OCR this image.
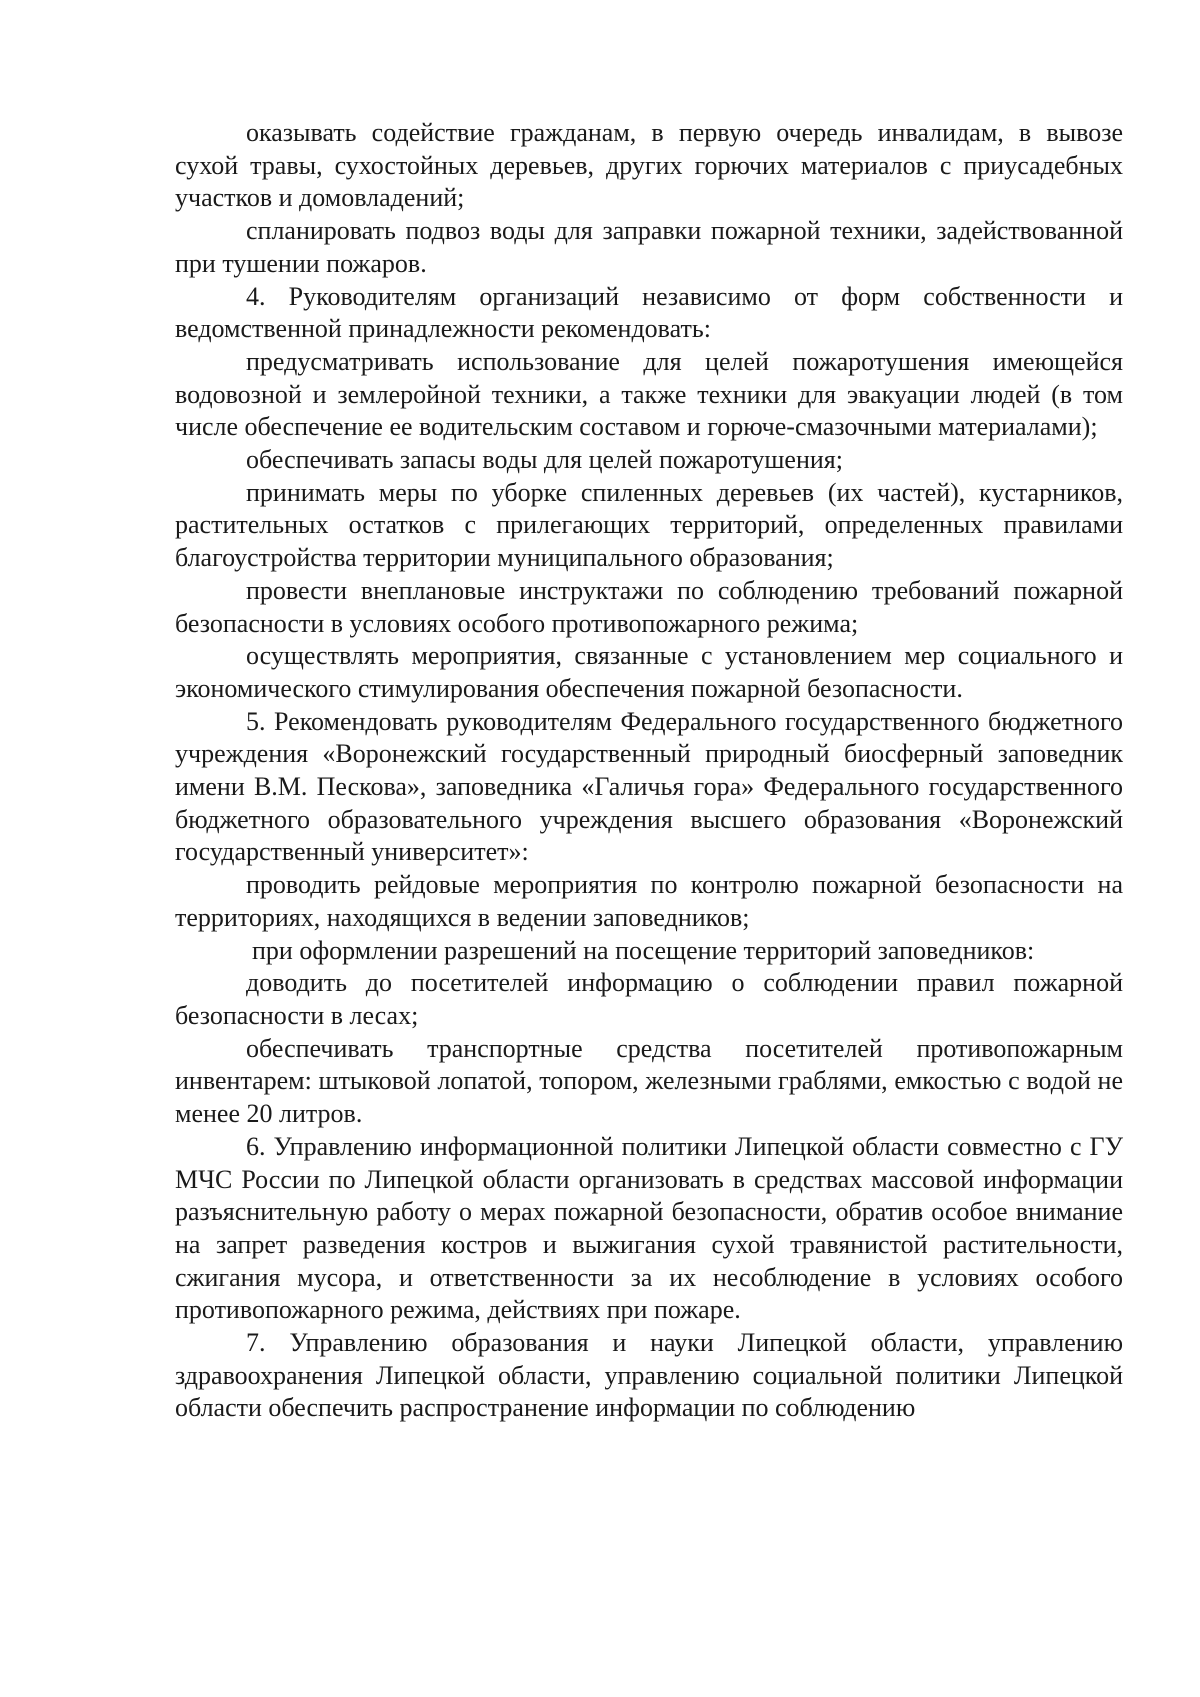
оказывать содействие гражданам, в первую очередь инвалидам, в вывозе сухой травы, сухостойных деревьев, других горючих материалов с приусадебных участков и домовладений;

спланировать подвоз воды для заправки пожарной техники, задействованной при тушении пожаров.

4. Руководителям организаций независимо от форм собственности и ведомственной принадлежности рекомендовать:

предусматривать использование для целей пожаротушения имеющейся водовозной и землеройной техники, а также техники для эвакуации людей (в том числе обеспечение ее водительским составом и горюче-смазочными материалами);

обеспечивать запасы воды для целей пожаротушения;

принимать меры по уборке спиленных деревьев (их частей), кустарников, растительных остатков с прилегающих территорий, определенных правилами благоустройства территории муниципального образования;

провести внеплановые инструктажи по соблюдению требований пожарной безопасности в условиях особого противопожарного режима;

осуществлять мероприятия, связанные с установлением мер социального и экономического стимулирования обеспечения пожарной безопасности.

5. Рекомендовать руководителям Федерального государственного бюджетного учреждения «Воронежский государственный природный биосферный заповедник имени В.М. Пескова», заповедника «Галичья гора» Федерального государственного бюджетного образовательного учреждения высшего образования «Воронежский государственный университет»:

проводить рейдовые мероприятия по контролю пожарной безопасности на территориях, находящихся в ведении заповедников;

при оформлении разрешений на посещение территорий заповедников:

доводить до посетителей информацию о соблюдении правил пожарной безопасности в лесах;

обеспечивать транспортные средства посетителей противопожарным инвентарем: штыковой лопатой, топором, железными граблями, емкостью с водой не менее 20 литров.

6. Управлению информационной политики Липецкой области совместно с ГУ МЧС России по Липецкой области организовать в средствах массовой информации разъяснительную работу о мерах пожарной безопасности, обратив особое внимание на запрет разведения костров и выжигания сухой травянистой растительности, сжигания мусора, и ответственности за их несоблюдение в условиях особого противопожарного режима, действиях при пожаре.

7. Управлению образования и науки Липецкой области, управлению здравоохранения Липецкой области, управлению социальной политики Липецкой области обеспечить распространение информации по соблюдению
